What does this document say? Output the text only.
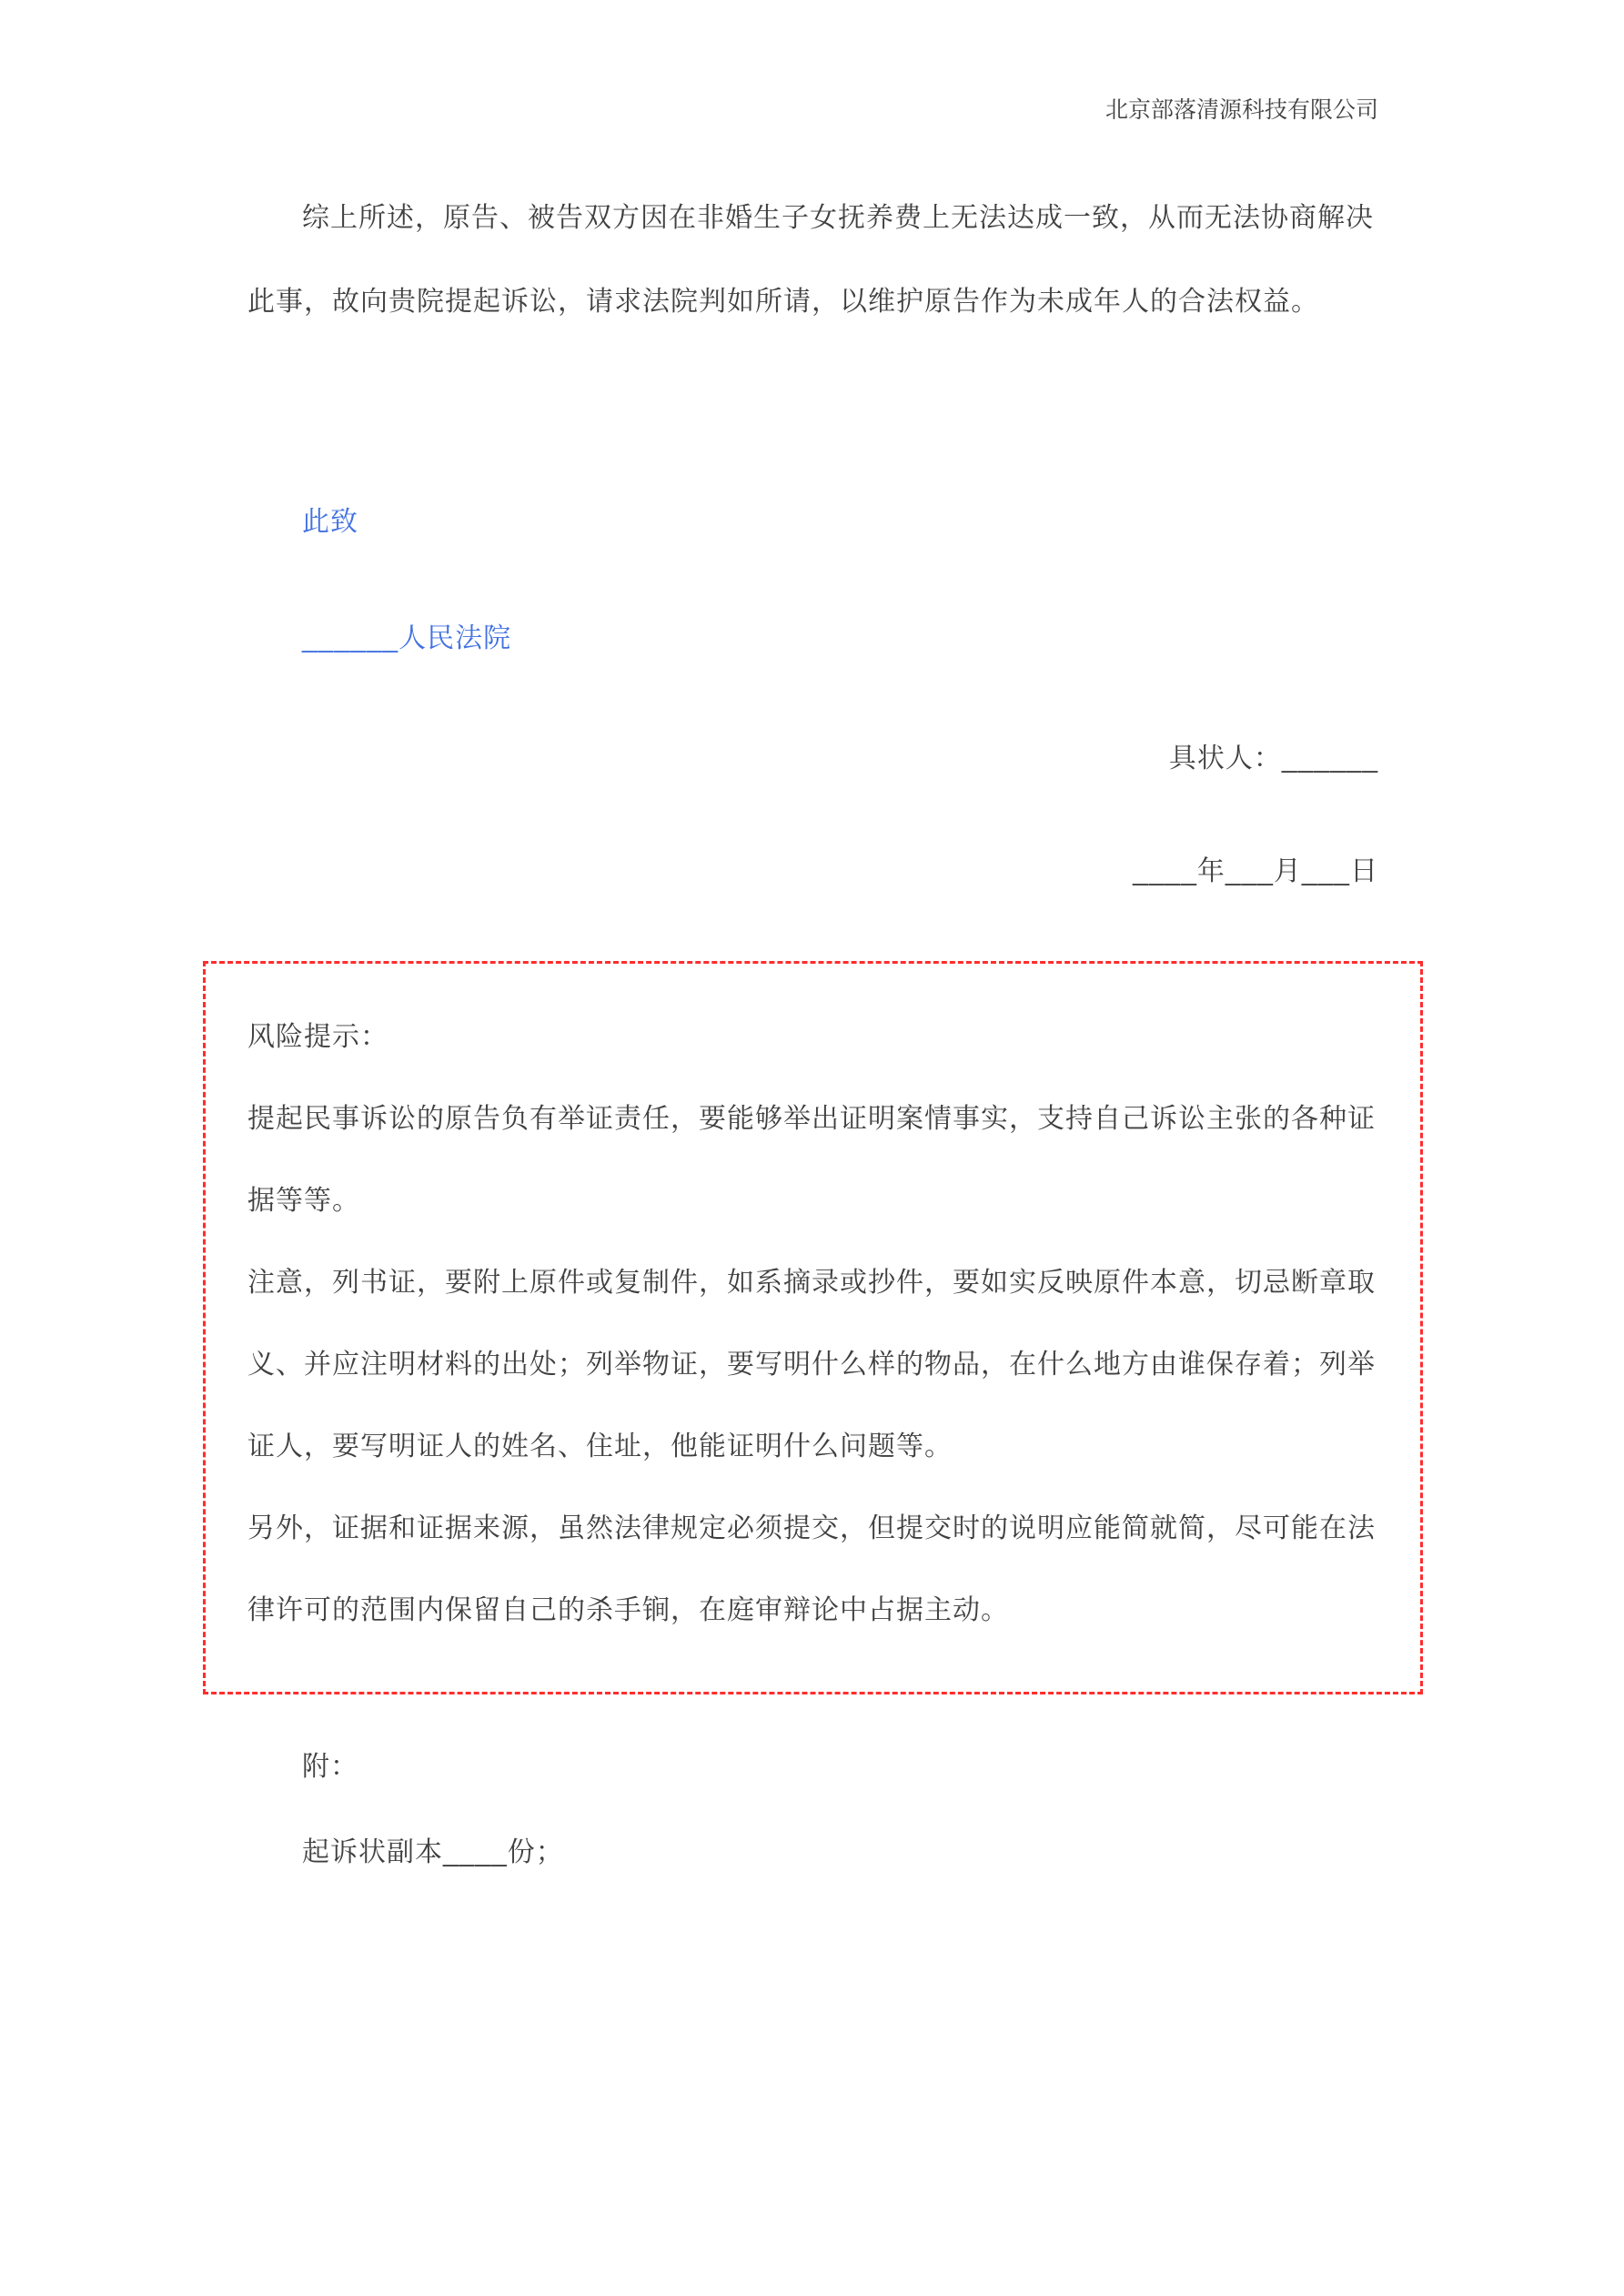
北京部落清源科技有限公司

综上所述，原告、被告双方因在非婚生子女抚养费上无法达成一致，从而无法协商解决此事，故向贵院提起诉讼，请求法院判如所请，以维护原告作为未成年人的合法权益。

此致

______人民法院

具状人：______

____年___月___日

风险提示：

提起民事诉讼的原告负有举证责任，要能够举出证明案情事实，支持自己诉讼主张的各种证据等等。

注意，列书证，要附上原件或复制件，如系摘录或抄件，要如实反映原件本意，切忌断章取义、并应注明材料的出处；列举物证，要写明什么样的物品，在什么地方由谁保存着；列举证人，要写明证人的姓名、住址，他能证明什么问题等。

另外，证据和证据来源，虽然法律规定必须提交，但提交时的说明应能简就简，尽可能在法律许可的范围内保留自己的杀手锏，在庭审辩论中占据主动。

附：

起诉状副本____份；
